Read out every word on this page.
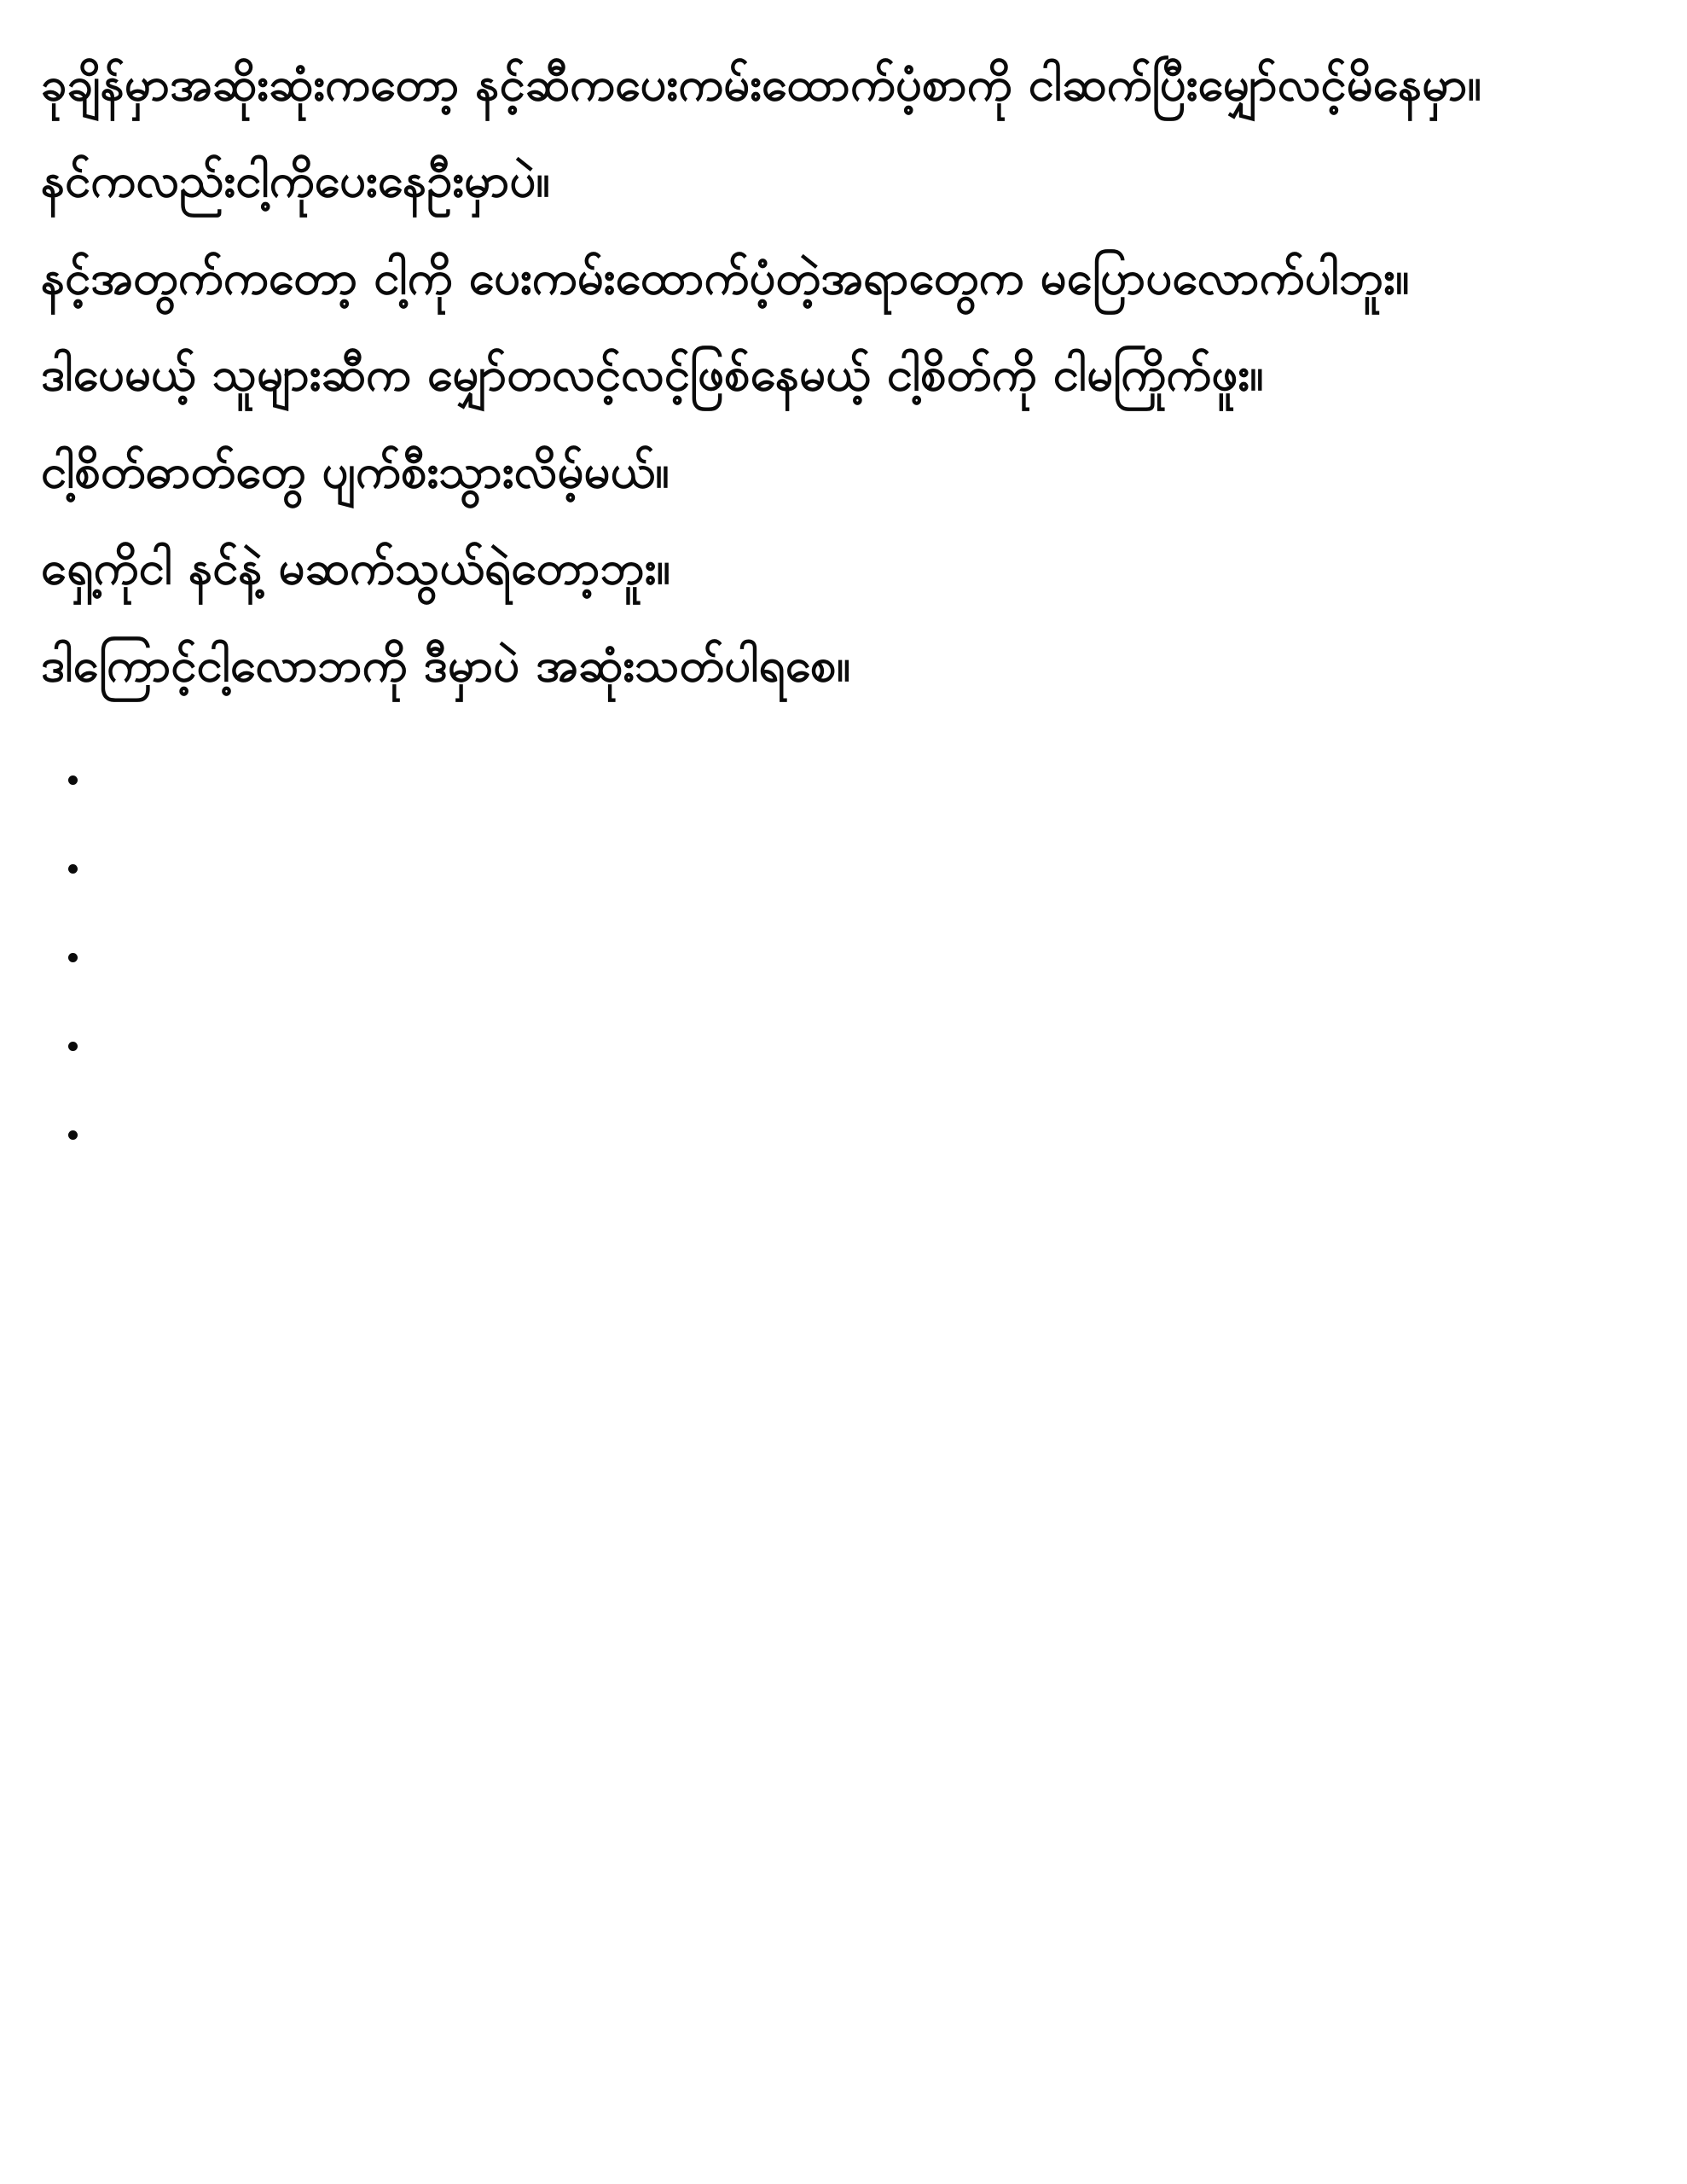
ခုချိန်မှာအဆိုးဆုံးကတော့ နင့်ဆီကပေးကမ်းထောက်ပံ့စာကို ငါဆက်ပြီးမျှော်လင့်မိနေမှာ။

နင်ကလည်းငါ့ကိုပေးနေဦးမှာပဲ။

နင့်အတွက်ကတော့ ငါ့ကို ပေးကမ်းထောက်ပံ့တဲ့အရာတွေက မပြောပလောက်ပါဘူး။

ဒါပေမယ့် သူများဆီက မျှော်တလင့်လင့်ဖြစ်နေမယ့် ငါ့စိတ်ကို ငါမကြိုက်ဖူး။

ငါ့စိတ်ဓာတ်တွေ ပျက်စီးသွားလိမ့်မယ်။

ရှေ့ကိုငါ နင်နဲ့ မဆက်သွယ်ရဲတော့ဘူး။

ဒါကြောင့်ငါ့လောဘကို ဒီမှာပဲ အဆုံးသတ်ပါရစေ။
